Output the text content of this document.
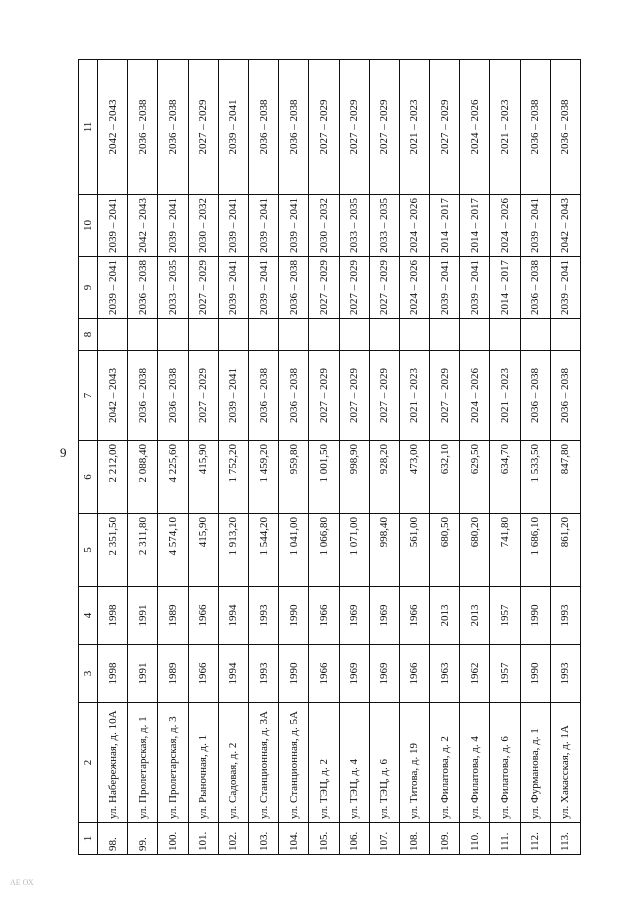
9
1	2	3	4	5	6	7	8	9	10	11
98.	ул. Набережная, д. 10А	1998	1998	2 351,50	2 212,00	2042 – 2043		2039 – 2041	2039 – 2041	2042 – 2043
99.	ул. Пролетарская, д. 1	1991	1991	2 311,80	2 088,40	2036 – 2038		2036 – 2038	2042 – 2043	2036 – 2038
100.	ул. Пролетарская, д. 3	1989	1989	4 574,10	4 225,60	2036 – 2038		2033 – 2035	2039 – 2041	2036 – 2038
101.	ул. Рыночная, д. 1	1966	1966	415,90	415,90	2027 – 2029		2027 – 2029	2030 – 2032	2027 – 2029
102.	ул. Садовая, д. 2	1994	1994	1 913,20	1 752,20	2039 – 2041		2039 – 2041	2039 – 2041	2039 – 2041
103.	ул. Станционная, д. 3А	1993	1993	1 544,20	1 459,20	2036 – 2038		2039 – 2041	2039 – 2041	2036 – 2038
104.	ул. Станционная, д. 5А	1990	1990	1 041,00	959,80	2036 – 2038		2036 – 2038	2039 – 2041	2036 – 2038
105.	ул. ТЭЦ, д. 2	1966	1966	1 066,80	1 001,50	2027 – 2029		2027 – 2029	2030 – 2032	2027 – 2029
106.	ул. ТЭЦ, д. 4	1969	1969	1 071,00	998,90	2027 – 2029		2027 – 2029	2033 – 2035	2027 – 2029
107.	ул. ТЭЦ, д. 6	1969	1969	998,40	928,20	2027 – 2029		2027 – 2029	2033 – 2035	2027 – 2029
108.	ул. Титова, д. 19	1966	1966	561,00	473,00	2021 – 2023		2024 – 2026	2024 – 2026	2021 – 2023
109.	ул. Филатова, д. 2	1963	2013	680,50	632,10	2027 – 2029		2039 – 2041	2014 – 2017	2027 – 2029
110.	ул. Филатова, д. 4	1962	2013	680,20	629,50	2024 – 2026		2039 – 2041	2014 – 2017	2024 – 2026
111.	ул. Филатова, д. 6	1957	1957	741,80	634,70	2021 – 2023		2014 – 2017	2024 – 2026	2021 – 2023
112.	ул. Фурманова, д. 1	1990	1990	1 686,10	1 533,50	2036 – 2038		2036 – 2038	2039 – 2041	2036 – 2038
113.	ул. Хакасская, д. 1А	1993	1993	861,20	847,80	2036 – 2038		2039 – 2041	2042 – 2043	2036 – 2038
АЕ ОХ
